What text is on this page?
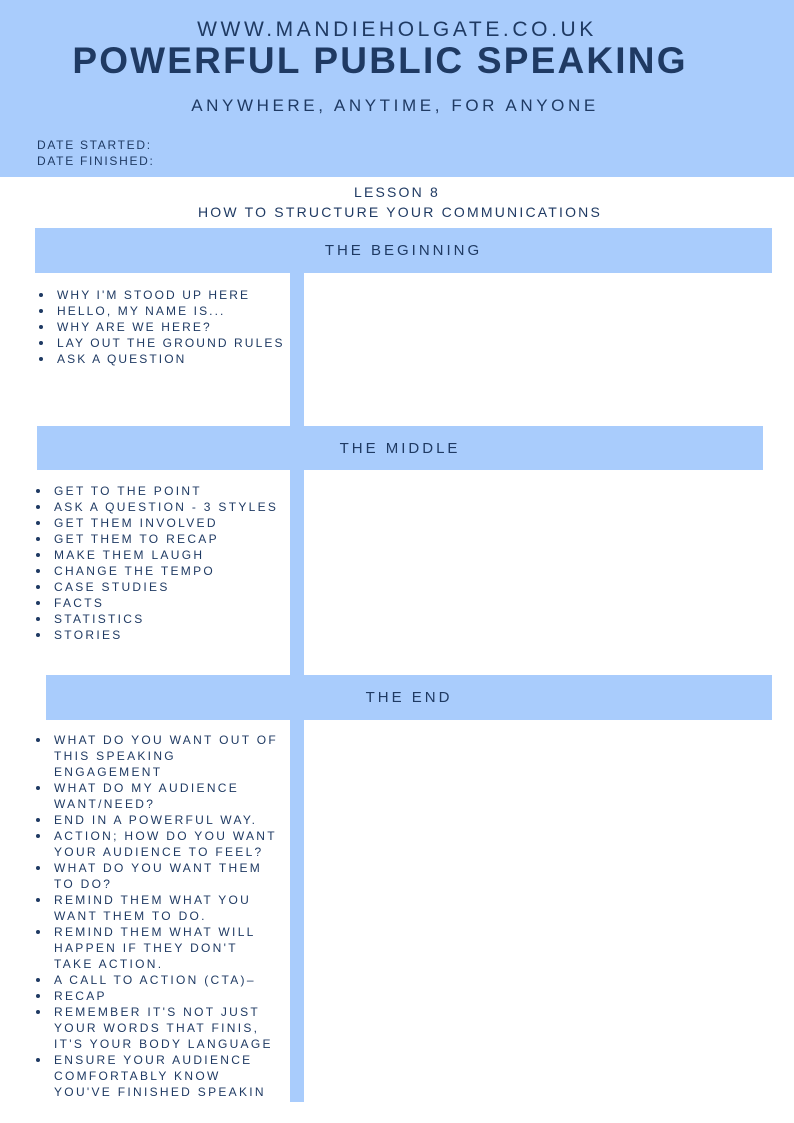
WWW.MANDIEHOLGATE.CO.UK
POWERFUL PUBLIC SPEAKING
ANYWHERE, ANYTIME, FOR ANYONE
DATE STARTED:
DATE FINISHED:
LESSON 8
HOW TO STRUCTURE YOUR COMMUNICATIONS
THE BEGINNING
WHY I'M STOOD UP HERE
HELLO, MY NAME IS...
WHY ARE WE HERE?
LAY OUT THE GROUND RULES
ASK A QUESTION
THE MIDDLE
GET TO THE POINT
ASK A QUESTION - 3 STYLES
GET THEM INVOLVED
GET THEM TO RECAP
MAKE THEM LAUGH
CHANGE THE TEMPO
CASE STUDIES
FACTS
STATISTICS
STORIES
THE END
WHAT DO YOU WANT OUT OF THIS SPEAKING ENGAGEMENT
WHAT DO MY AUDIENCE WANT/NEED?
END IN A POWERFUL WAY.
ACTION; HOW DO YOU WANT YOUR AUDIENCE TO FEEL?
WHAT DO YOU WANT THEM TO DO?
REMIND THEM WHAT YOU WANT THEM TO DO.
REMIND THEM WHAT WILL HAPPEN IF THEY DON'T TAKE ACTION.
A CALL TO ACTION (CTA)–
RECAP
REMEMBER IT'S NOT JUST YOUR WORDS THAT FINIS, IT'S YOUR BODY LANGUAGE
ENSURE YOUR AUDIENCE COMFORTABLY KNOW YOU'VE FINISHED SPEAKIN
